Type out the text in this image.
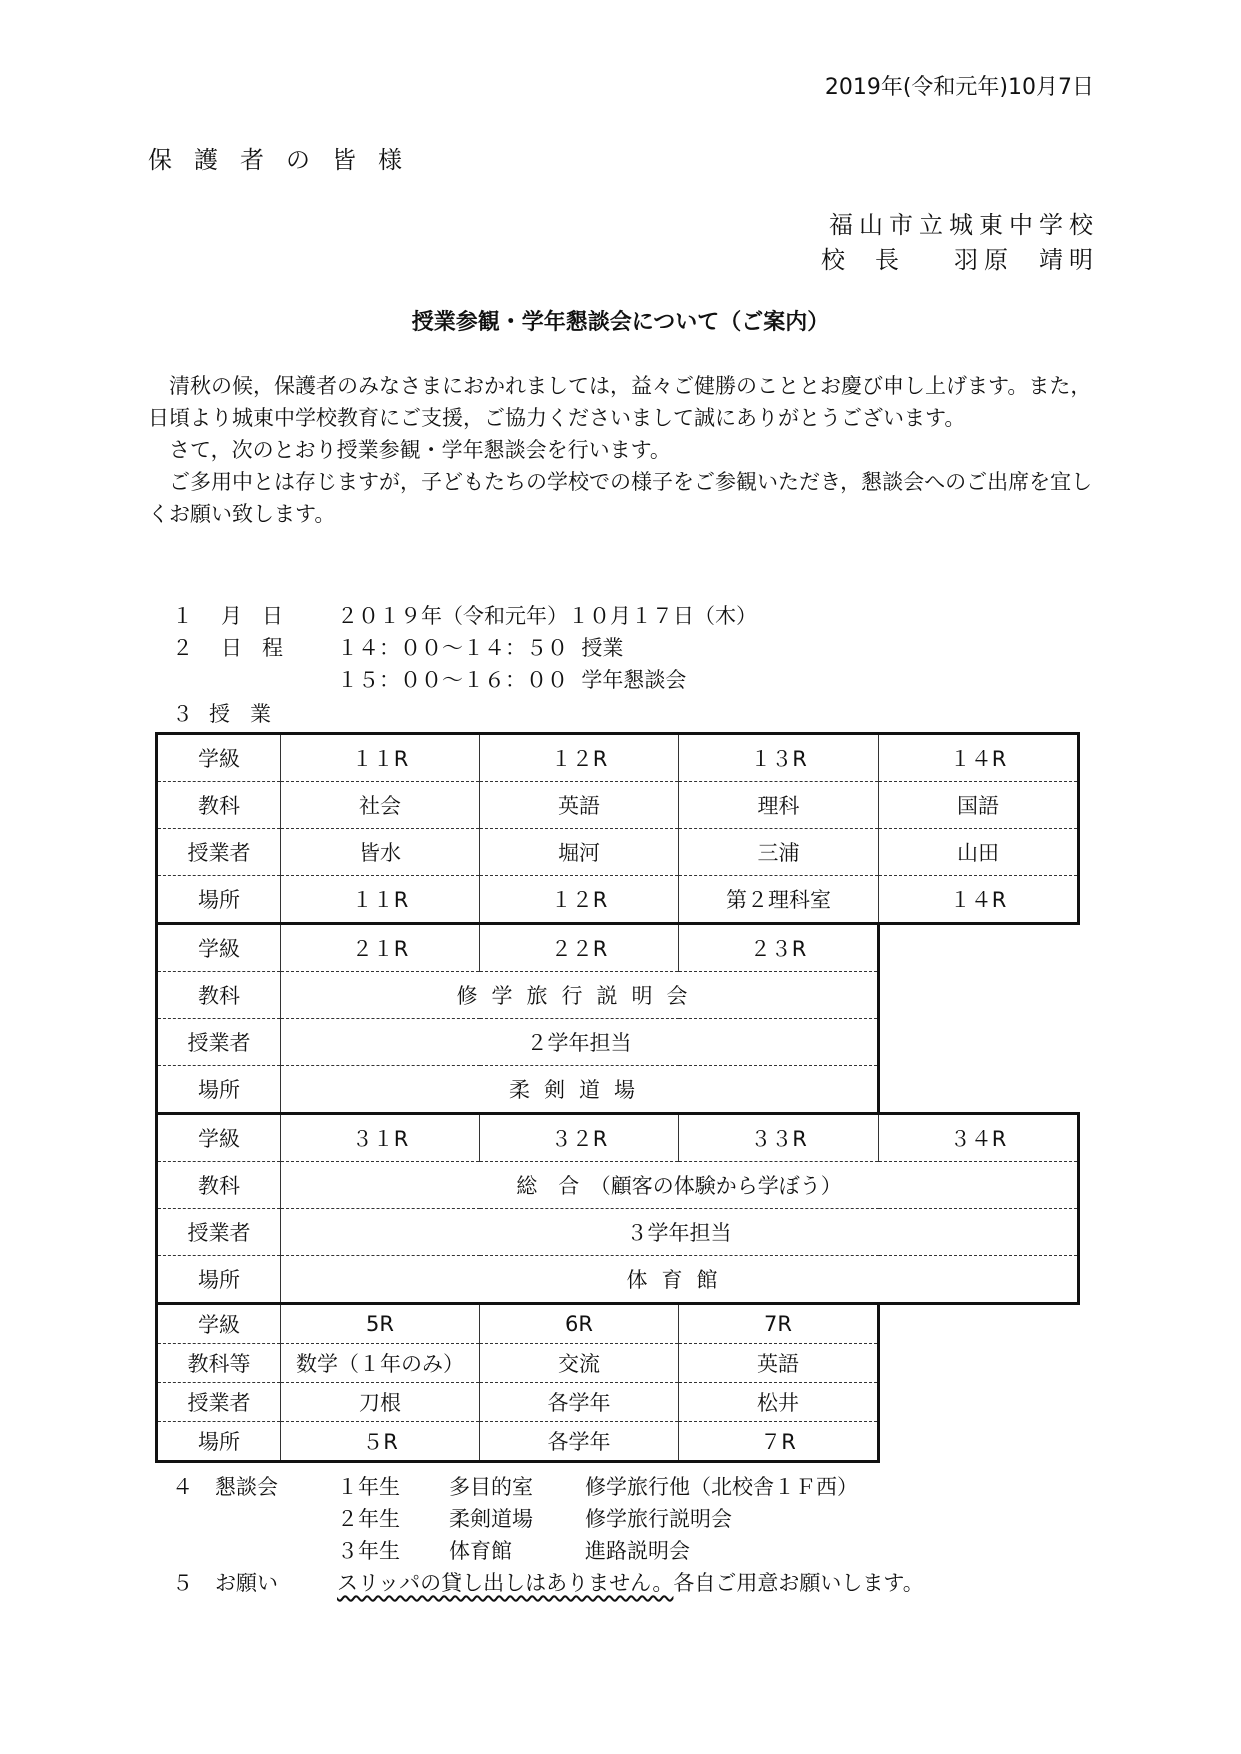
2019年(令和元年)10月7日
保護者の皆様
福山市立城東中学校
校長 羽原 靖明
授業参観・学年懇談会について（ご案内）

清秋の候，保護者のみなさまにおかれましては，益々ご健勝のこととお慶び申し上げます。また，日頃より城東中学校教育にご支援，ご協力くださいまして誠にありがとうございます。

さて，次のとおり授業参観・学年懇談会を行います。

ご多用中とは存じますが，子どもたちの学校での様子をご参観いただき，懇談会へのご出席を宜しくお願い致します。

１ 月日 ２０１９年（令和元年）１０月１７日（木）
２ 日程 １４：００～１４：５０ 授業
１５：００～１６：００ 学年懇談会
３ 授業
学級	１１R	１２R	１３R	１４R
教科	社会	英語	理科	国語
授業者	皆水	堀河	三浦	山田
場所	１１R	１２R	第２理科室	１４R
学級	２１R	２２R	２３R	
教科	修学旅行説明会			
授業者	２学年担当			
場所	柔剣道場			
学級	３１R	３２R	３３R	３４R
教科	総　合　（顧客の体験から学ぼう）			
授業者	３学年担当			
場所	体育館			
学級	5R	6R	7R	
教科等	数学（１年のみ）	交流	英語	
授業者	刀根	各学年	松井	
場所	５R	各学年	７R	
４ 懇談会	１年生	多目的室	修学旅行他（北校舎１Ｆ西）
２年生	柔剣道場	修学旅行説明会
３年生	体育館	進路説明会
５ お願い	スリッパの貸し出しはありません。 各自ご用意お願いします。
